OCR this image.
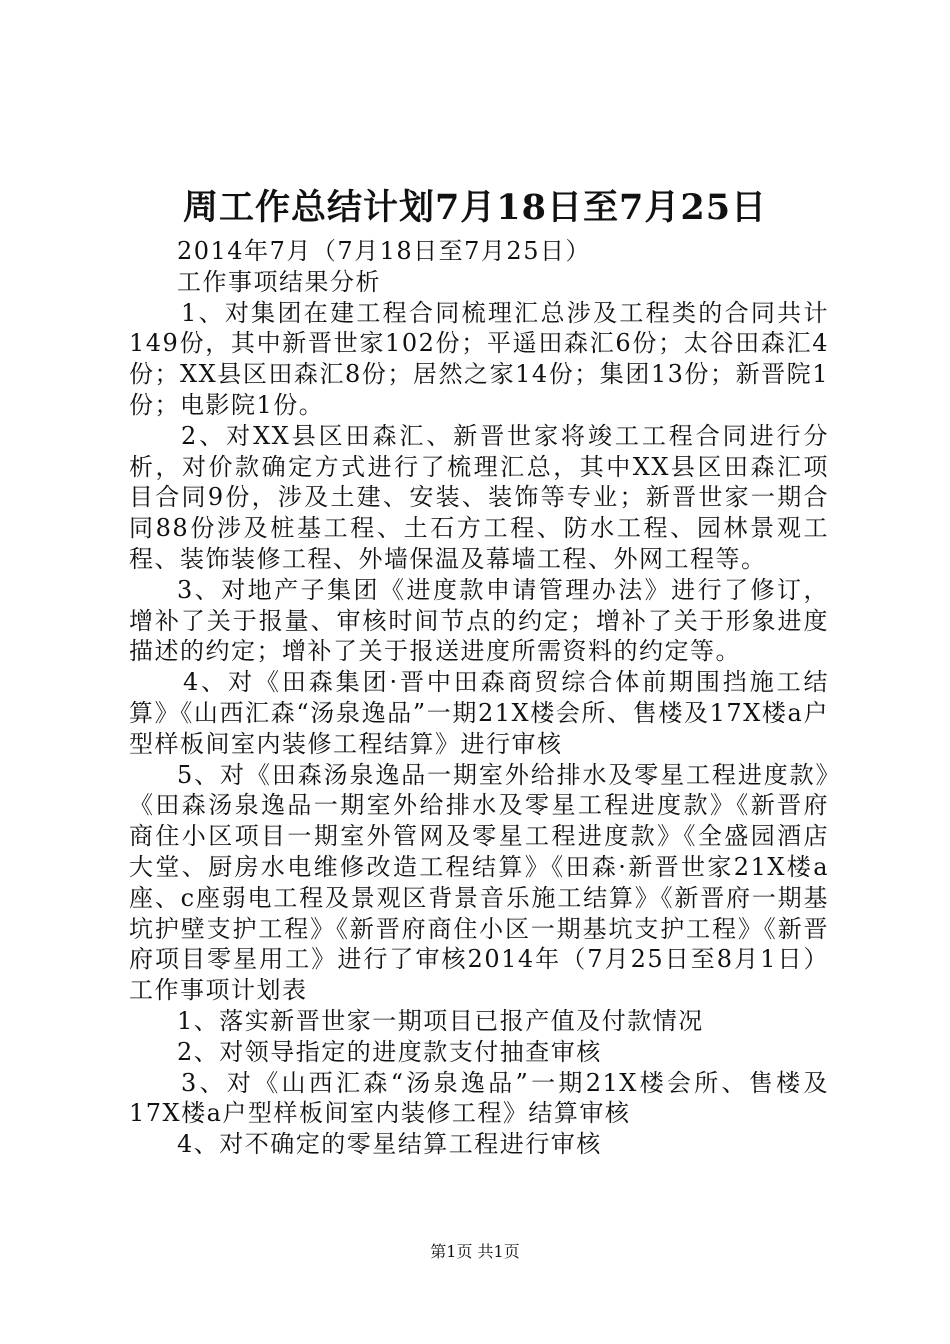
周工作总结计划7月18日至7月25日

2014年7月（7月18日至7月25日）

工作事项结果分析

1、对集团在建工程合同梳理汇总涉及工程类的合同共计149份，其中新晋世家102份；平遥田森汇6份；太谷田森汇4份；XX县区田森汇8份；居然之家14份；集团13份；新晋院1份；电影院1份。

2、对XX县区田森汇、新晋世家将竣工工程合同进行分析，对价款确定方式进行了梳理汇总，其中XX县区田森汇项目合同9份，涉及土建、安装、装饰等专业；新晋世家一期合同88份涉及桩基工程、土石方工程、防水工程、园林景观工程、装饰装修工程、外墙保温及幕墙工程、外网工程等。

3、对地产子集团《进度款申请管理办法》进行了修订，增补了关于报量、审核时间节点的约定；增补了关于形象进度描述的约定；增补了关于报送进度所需资料的约定等。

4、对《田森集团·晋中田森商贸综合体前期围挡施工结算》《山西汇森“汤泉逸品”一期21X楼会所、售楼及17X楼a户型样板间室内装修工程结算》进行审核

5、对《田森汤泉逸品一期室外给排水及零星工程进度款》《田森汤泉逸品一期室外给排水及零星工程进度款》《新晋府商住小区项目一期室外管网及零星工程进度款》《全盛园酒店大堂、厨房水电维修改造工程结算》《田森·新晋世家21X楼a座、c座弱电工程及景观区背景音乐施工结算》《新晋府一期基坑护壁支护工程》《新晋府商住小区一期基坑支护工程》《新晋府项目零星用工》进行了审核2014年（7月25日至8月1日）工作事项计划表

1、落实新晋世家一期项目已报产值及付款情况

2、对领导指定的进度款支付抽查审核

3、对《山西汇森“汤泉逸品”一期21X楼会所、售楼及17X楼a户型样板间室内装修工程》结算审核

4、对不确定的零星结算工程进行审核

第1页 共1页
